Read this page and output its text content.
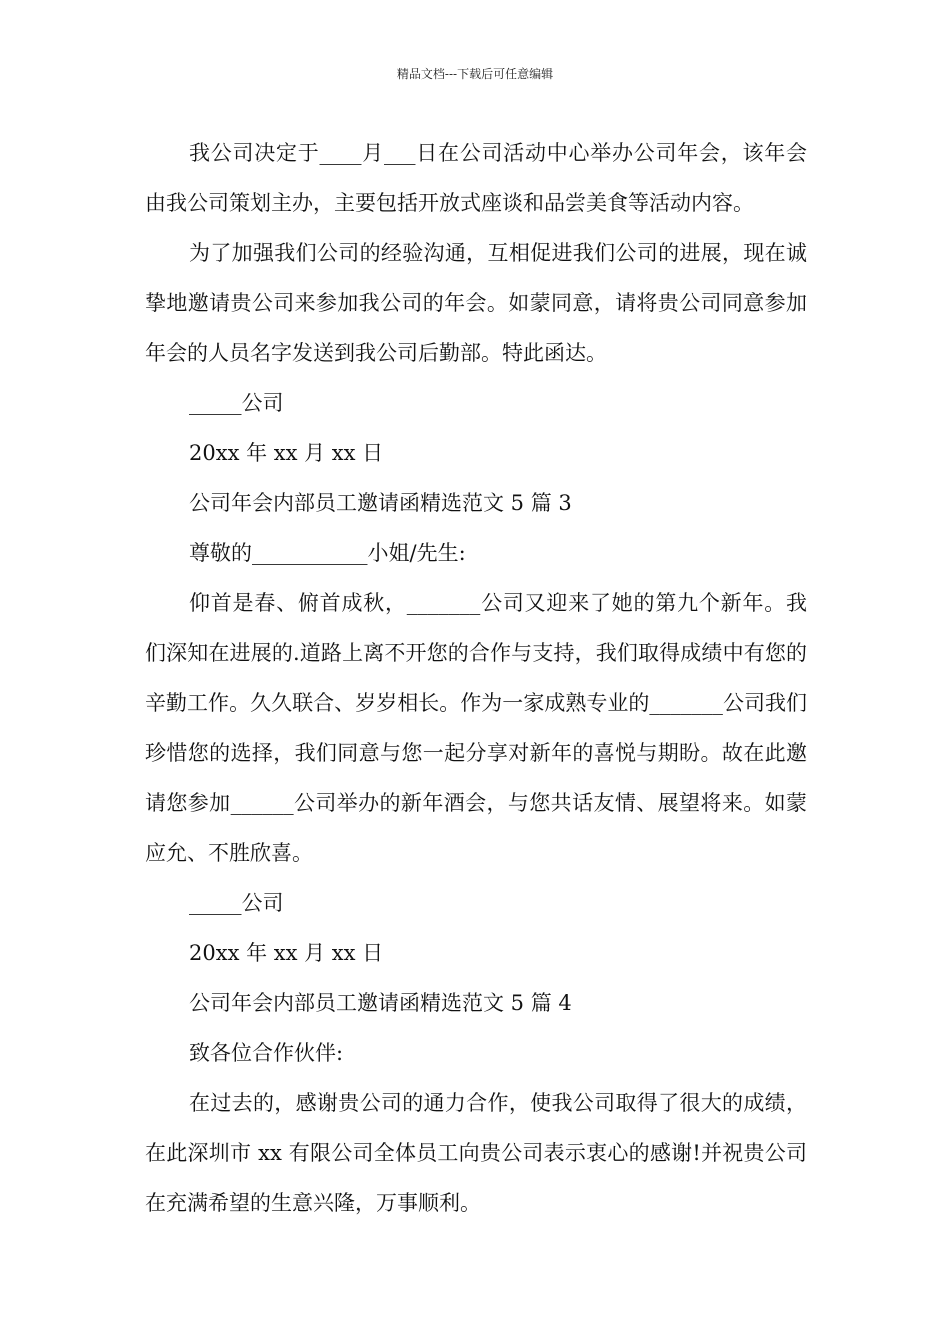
精品文档---下载后可任意编辑

我公司决定于____月___日在公司活动中心举办公司年会，该年会由我公司策划主办，主要包括开放式座谈和品尝美食等活动内容。

为了加强我们公司的经验沟通，互相促进我们公司的进展，现在诚挚地邀请贵公司来参加我公司的年会。如蒙同意，请将贵公司同意参加年会的人员名字发送到我公司后勤部。特此函达。

_____公司

20xx 年 xx 月 xx 日

公司年会内部员工邀请函精选范文 5 篇 3

尊敬的___________小姐/先生:

仰首是春、俯首成秋，_______公司又迎来了她的第九个新年。我们深知在进展的.道路上离不开您的合作与支持，我们取得成绩中有您的辛勤工作。久久联合、岁岁相长。作为一家成熟专业的_______公司我们珍惜您的选择，我们同意与您一起分享对新年的喜悦与期盼。故在此邀请您参加______公司举办的新年酒会，与您共话友情、展望将来。如蒙应允、不胜欣喜。

_____公司

20xx 年 xx 月 xx 日

公司年会内部员工邀请函精选范文 5 篇 4

致各位合作伙伴:

在过去的，感谢贵公司的通力合作，使我公司取得了很大的成绩，在此深圳市 xx 有限公司全体员工向贵公司表示衷心的感谢!并祝贵公司在充满希望的生意兴隆，万事顺利。
